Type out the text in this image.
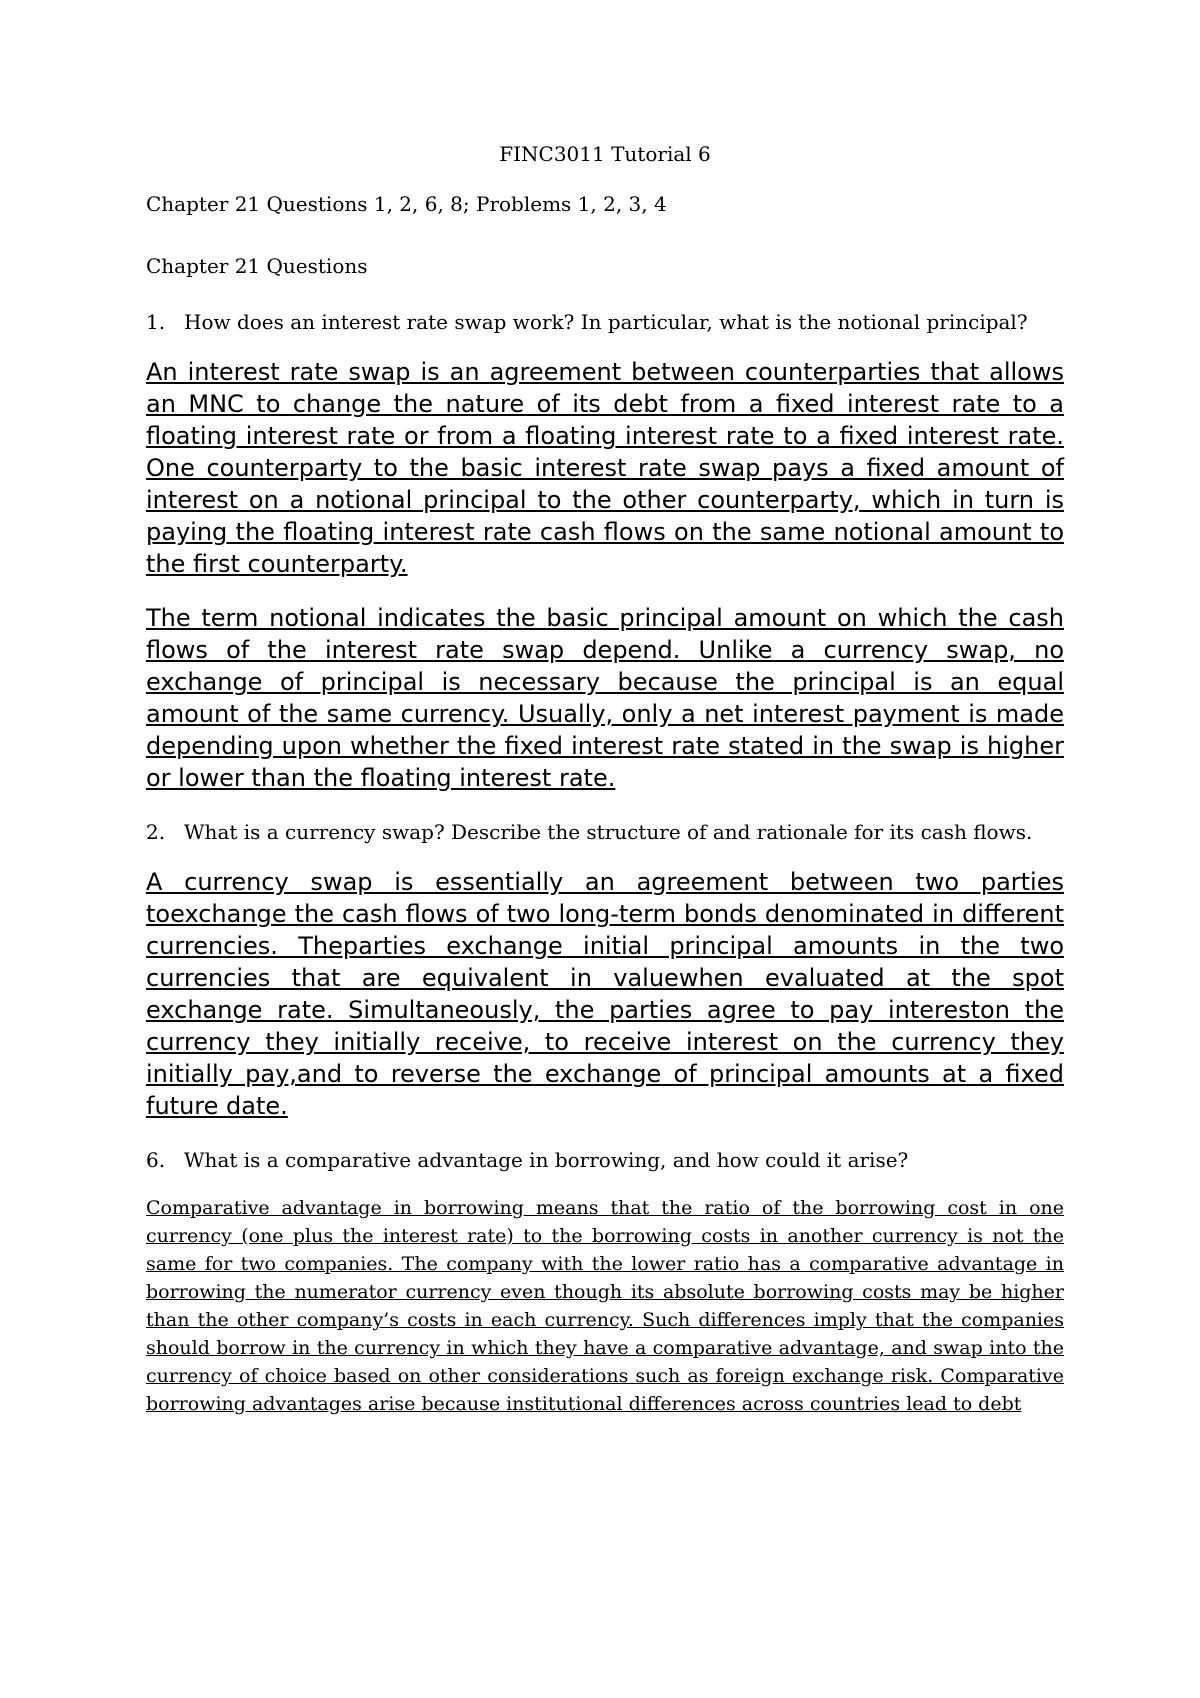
FINC3011 Tutorial 6

Chapter 21 Questions 1, 2, 6, 8; Problems 1, 2, 3, 4

Chapter 21 Questions

1. How does an interest rate swap work? In particular, what is the notional principal?

An interest rate swap is an agreement between counterparties that allows an MNC to change the nature of its debt from a fixed interest rate to a floating interest rate or from a floating interest rate to a fixed interest rate. One counterparty to the basic interest rate swap pays a fixed amount of interest on a notional principal to the other counterparty, which in turn is paying the floating interest rate cash flows on the same notional amount to the first counterparty.

The term notional indicates the basic principal amount on which the cash flows of the interest rate swap depend. Unlike a currency swap, no exchange of principal is necessary because the principal is an equal amount of the same currency. Usually, only a net interest payment is made depending upon whether the fixed interest rate stated in the swap is higher or lower than the floating interest rate.

2. What is a currency swap? Describe the structure of and rationale for its cash flows.

A currency swap is essentially an agreement between two parties toexchange the cash flows of two long-term bonds denominated in different currencies. Theparties exchange initial principal amounts in the two currencies that are equivalent in valuewhen evaluated at the spot exchange rate. Simultaneously, the parties agree to pay intereston the currency they initially receive, to receive interest on the currency they initially pay,and to reverse the exchange of principal amounts at a fixed future date.

6. What is a comparative advantage in borrowing, and how could it arise?

Comparative advantage in borrowing means that the ratio of the borrowing cost in one currency (one plus the interest rate) to the borrowing costs in another currency is not the same for two companies. The company with the lower ratio has a comparative advantage in borrowing the numerator currency even though its absolute borrowing costs may be higher than the other company’s costs in each currency. Such differences imply that the companies should borrow in the currency in which they have a comparative advantage, and swap into the currency of choice based on other considerations such as foreign exchange risk. Comparative borrowing advantages arise because institutional differences across countries lead to debt
